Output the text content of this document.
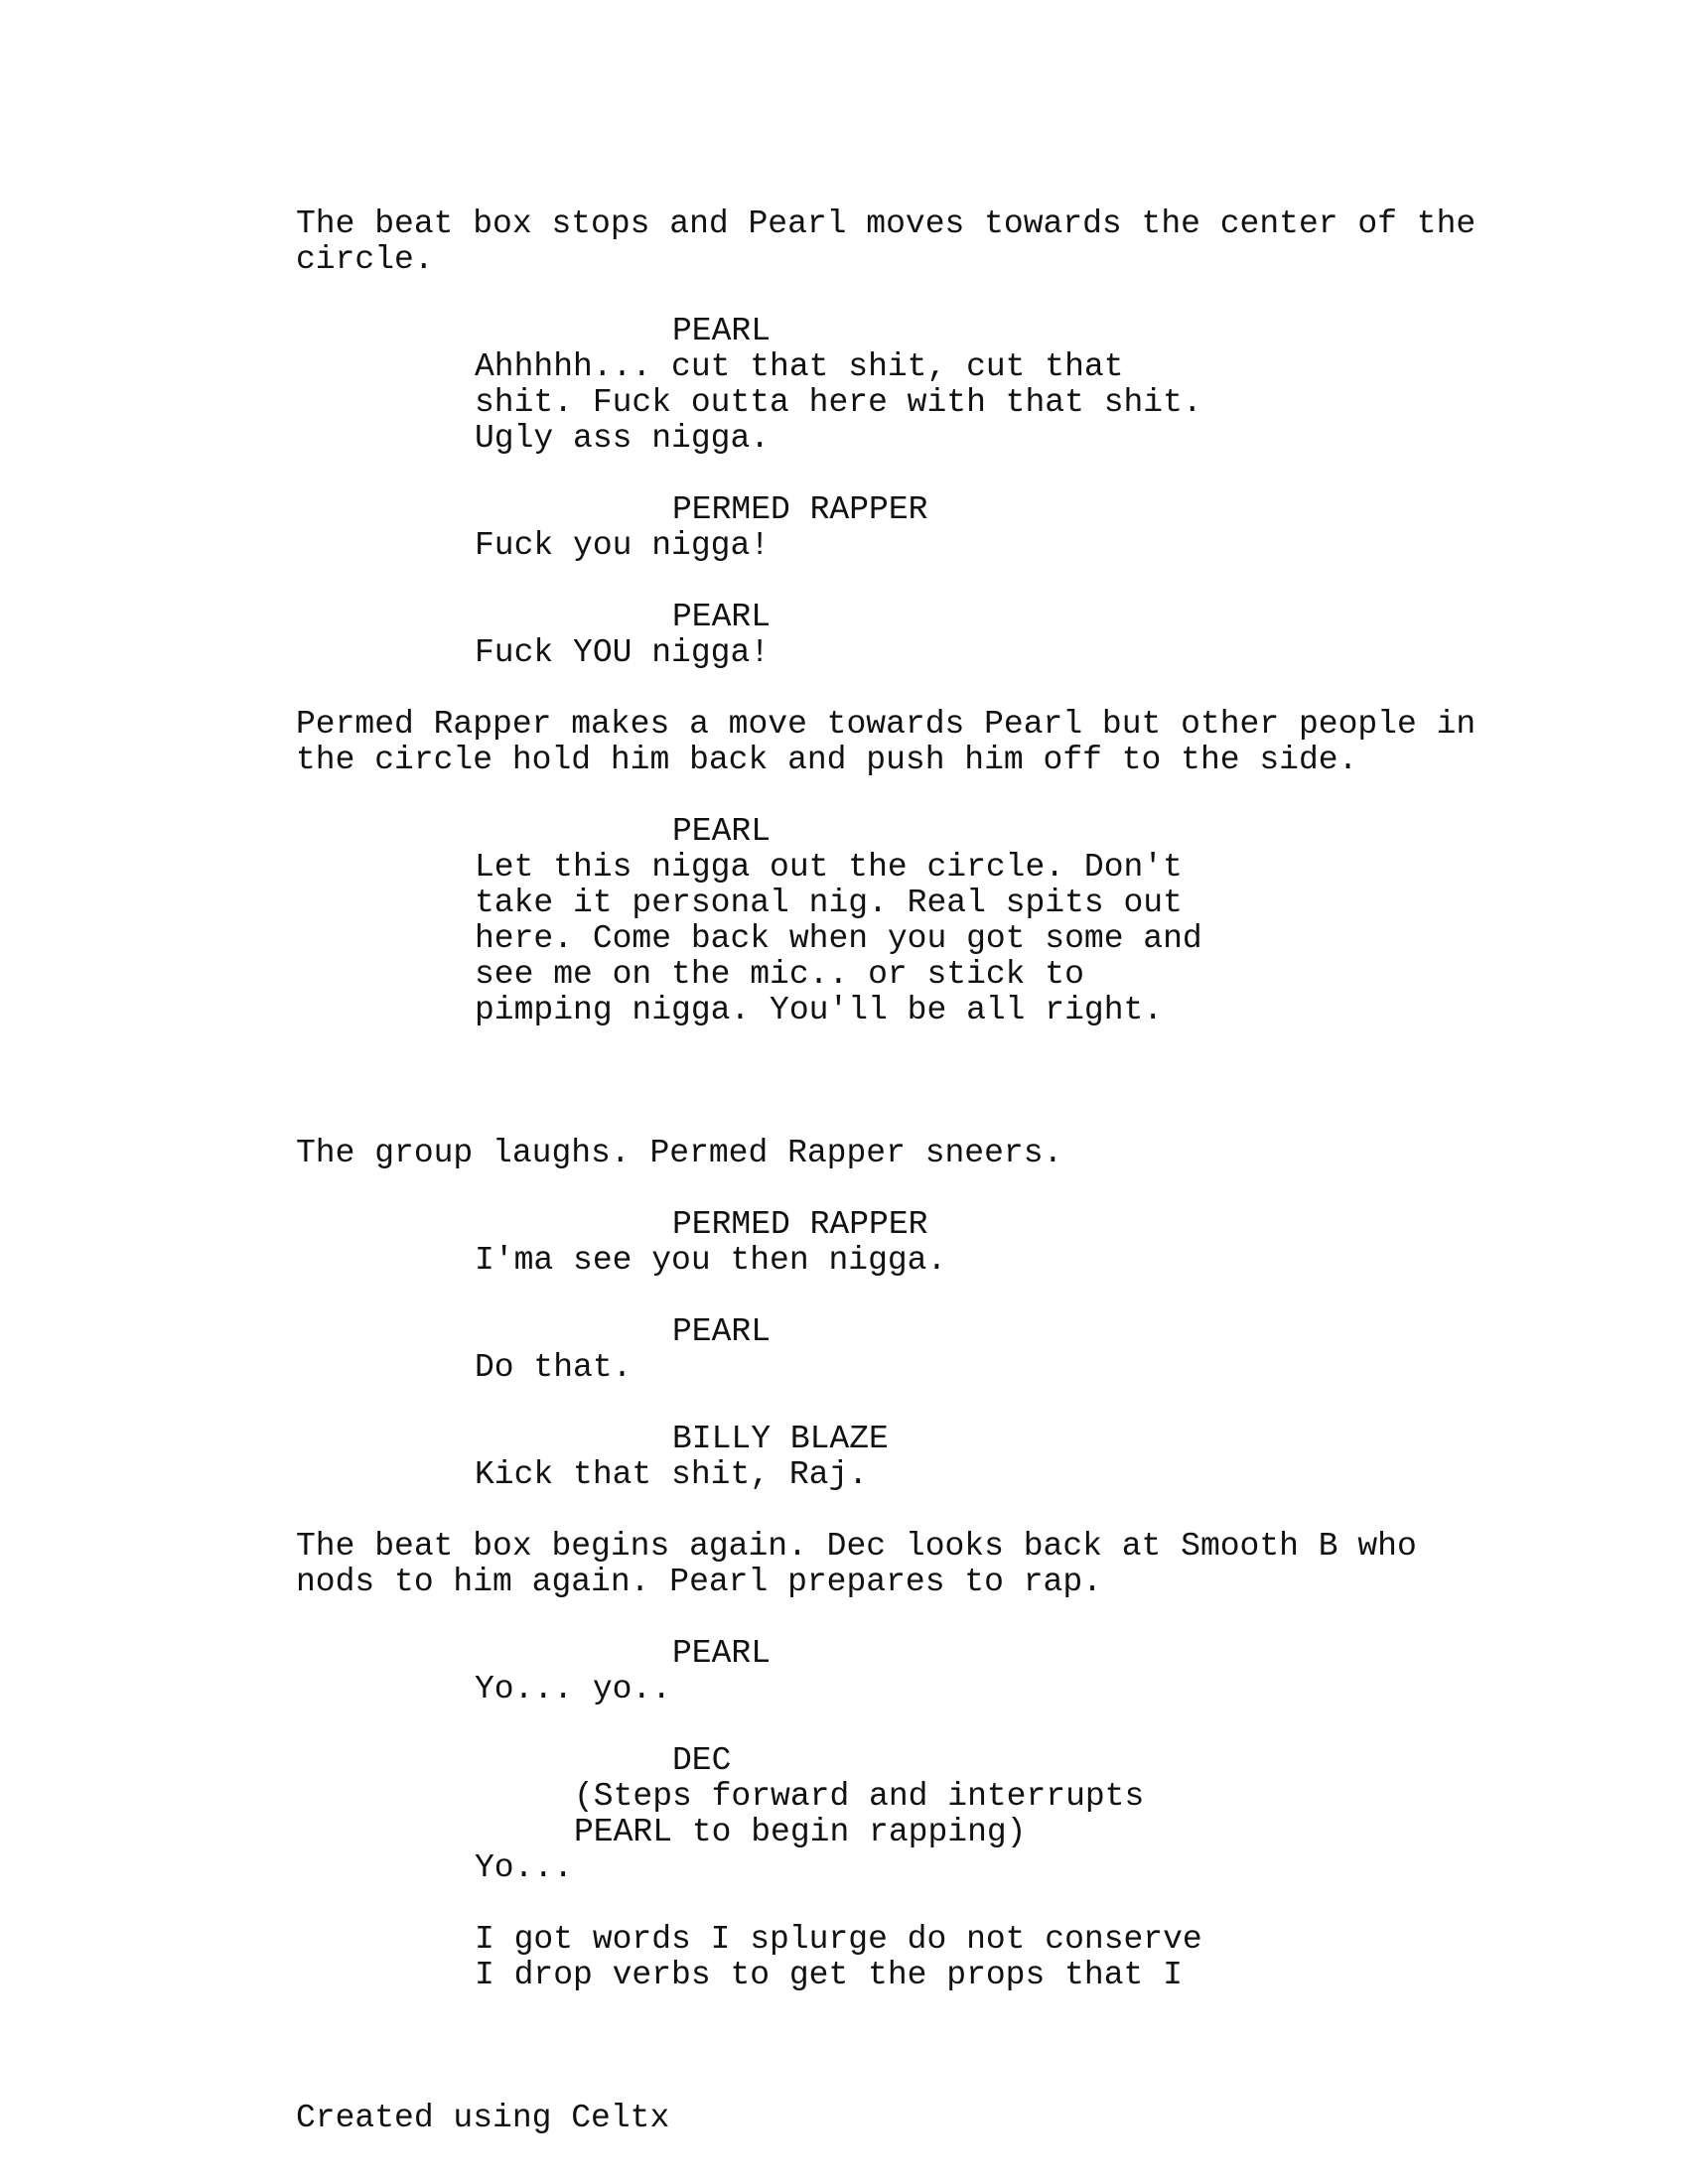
The beat box stops and Pearl moves towards the center of the

circle.

PEARL

Ahhhhh... cut that shit, cut that

shit. Fuck outta here with that shit.

Ugly ass nigga.

PERMED RAPPER

Fuck you nigga!

PEARL

Fuck YOU nigga!

Permed Rapper makes a move towards Pearl but other people in

the circle hold him back and push him off to the side.

PEARL

Let this nigga out the circle. Don't

take it personal nig. Real spits out

here. Come back when you got some and

see me on the mic.. or stick to

pimping nigga. You'll be all right.

The group laughs. Permed Rapper sneers.

PERMED RAPPER

I'ma see you then nigga.

PEARL

Do that.

BILLY BLAZE

Kick that shit, Raj.

The beat box begins again. Dec looks back at Smooth B who

nods to him again. Pearl prepares to rap.

PEARL

Yo... yo..

DEC

(Steps forward and interrupts

PEARL to begin rapping)

Yo...

I got words I splurge do not conserve

I drop verbs to get the props that I

Created using Celtx
